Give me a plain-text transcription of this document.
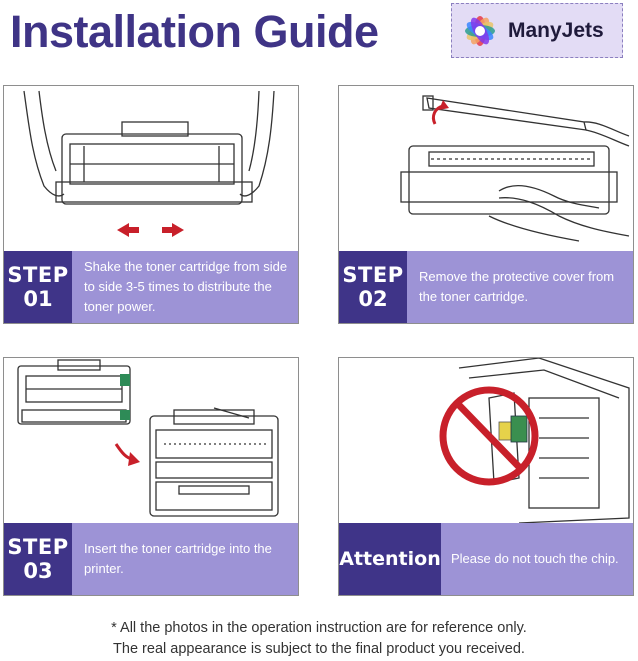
Installation Guide	ManyJets
STEP
01
Shake the toner cartridge from side to side 3-5 times to distribute the toner power.
STEP
02
Remove the protective cover from the toner cartridge.
STEP
03
Insert the toner cartridge into the printer.	Attention Please do not touch the chip.
* All the photos in the operation instruction are for reference only.
The real appearance is subject to the final product you received.
